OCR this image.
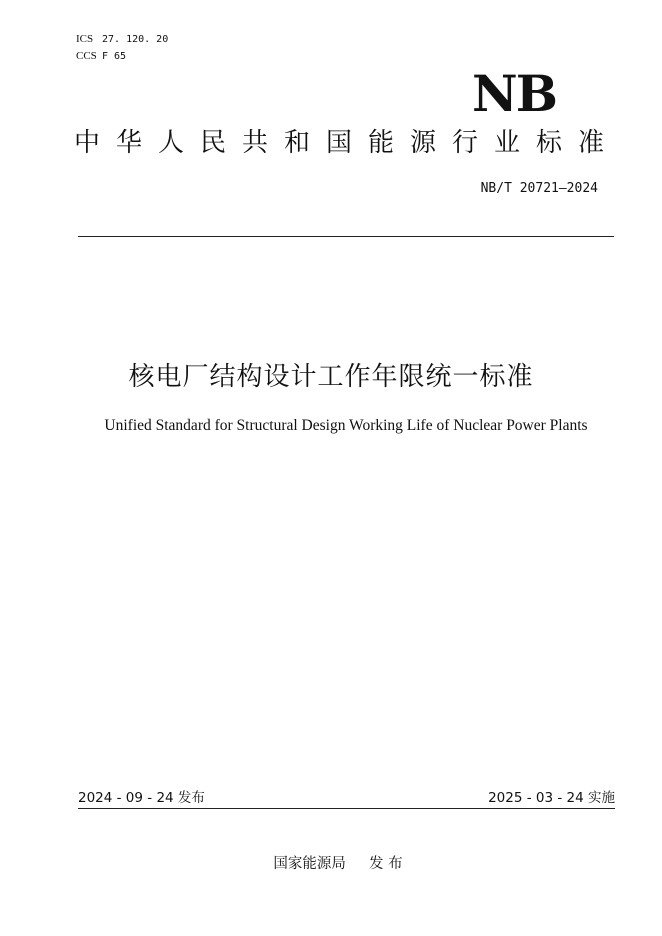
ICS 27. 120. 20
CCS F 65
NB
中华人民共和国能源行业标准
NB/T 20721—2024
核电厂结构设计工作年限统一标准
Unified Standard for Structural Design Working Life of Nuclear Power Plants
2024 - 09 - 24 发布	2025 - 03 - 24 实施
国家能源局     发 布
